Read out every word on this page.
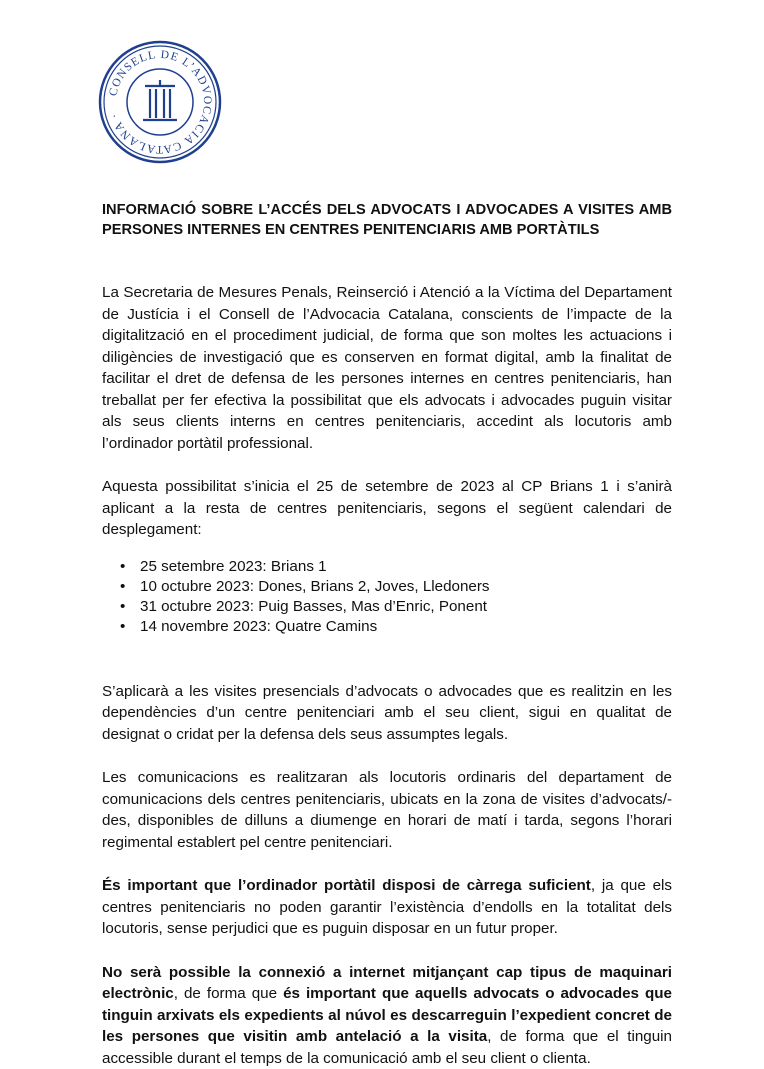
CONSELL DE L’ADVOCACIA CATALANA ·
INFORMACIÓ SOBRE L’ACCÉS DELS ADVOCATS I ADVOCADES A VISITES AMB PERSONES INTERNES EN CENTRES PENITENCIARIS AMB PORTÀTILS

La Secretaria de Mesures Penals, Reinserció i Atenció a la Víctima del Departament de Justícia i el Consell de l’Advocacia Catalana, conscients de l’impacte de la digitalització en el procediment judicial, de forma que son moltes les actuacions i diligències de investigació que es conserven en format digital, amb la finalitat de facilitar el dret de defensa de les persones internes en centres penitenciaris, han treballat per fer efectiva la possibilitat que els advocats i advocades puguin visitar als seus clients interns en centres penitenciaris, accedint als locutoris amb l’ordinador portàtil professional.

Aquesta possibilitat s’inicia el 25 de setembre de 2023 al CP Brians 1 i s’anirà aplicant a la resta de centres penitenciaris, segons el següent calendari de desplegament:

• 25 setembre 2023: Brians 1
• 10 octubre 2023: Dones, Brians 2, Joves, Lledoners
• 31 octubre 2023: Puig Basses, Mas d’Enric, Ponent
• 14 novembre 2023: Quatre Camins

S’aplicarà a les visites presencials d’advocats o advocades que es realitzin en les dependències d’un centre penitenciari amb el seu client, sigui en qualitat de designat o cridat per la defensa dels seus assumptes legals.

Les comunicacions es realitzaran als locutoris ordinaris del departament de comunicacions dels centres penitenciaris, ubicats en la zona de visites d’advocats/-des, disponibles de dilluns a diumenge en horari de matí i tarda, segons l’horari regimental establert pel centre penitenciari.

És important que l’ordinador portàtil disposi de càrrega suficient, ja que els centres penitenciaris no poden garantir l’existència d’endolls en la totalitat dels locutoris, sense perjudici que es puguin disposar en un futur proper.

No serà possible la connexió a internet mitjançant cap tipus de maquinari electrònic, de forma que és important que aquells advocats o advocades que tinguin arxivats els expedients al núvol es descarreguin l’expedient concret de les persones que visitin amb antelació a la visita, de forma que el tinguin accessible durant el temps de la comunicació amb el seu client o clienta.
